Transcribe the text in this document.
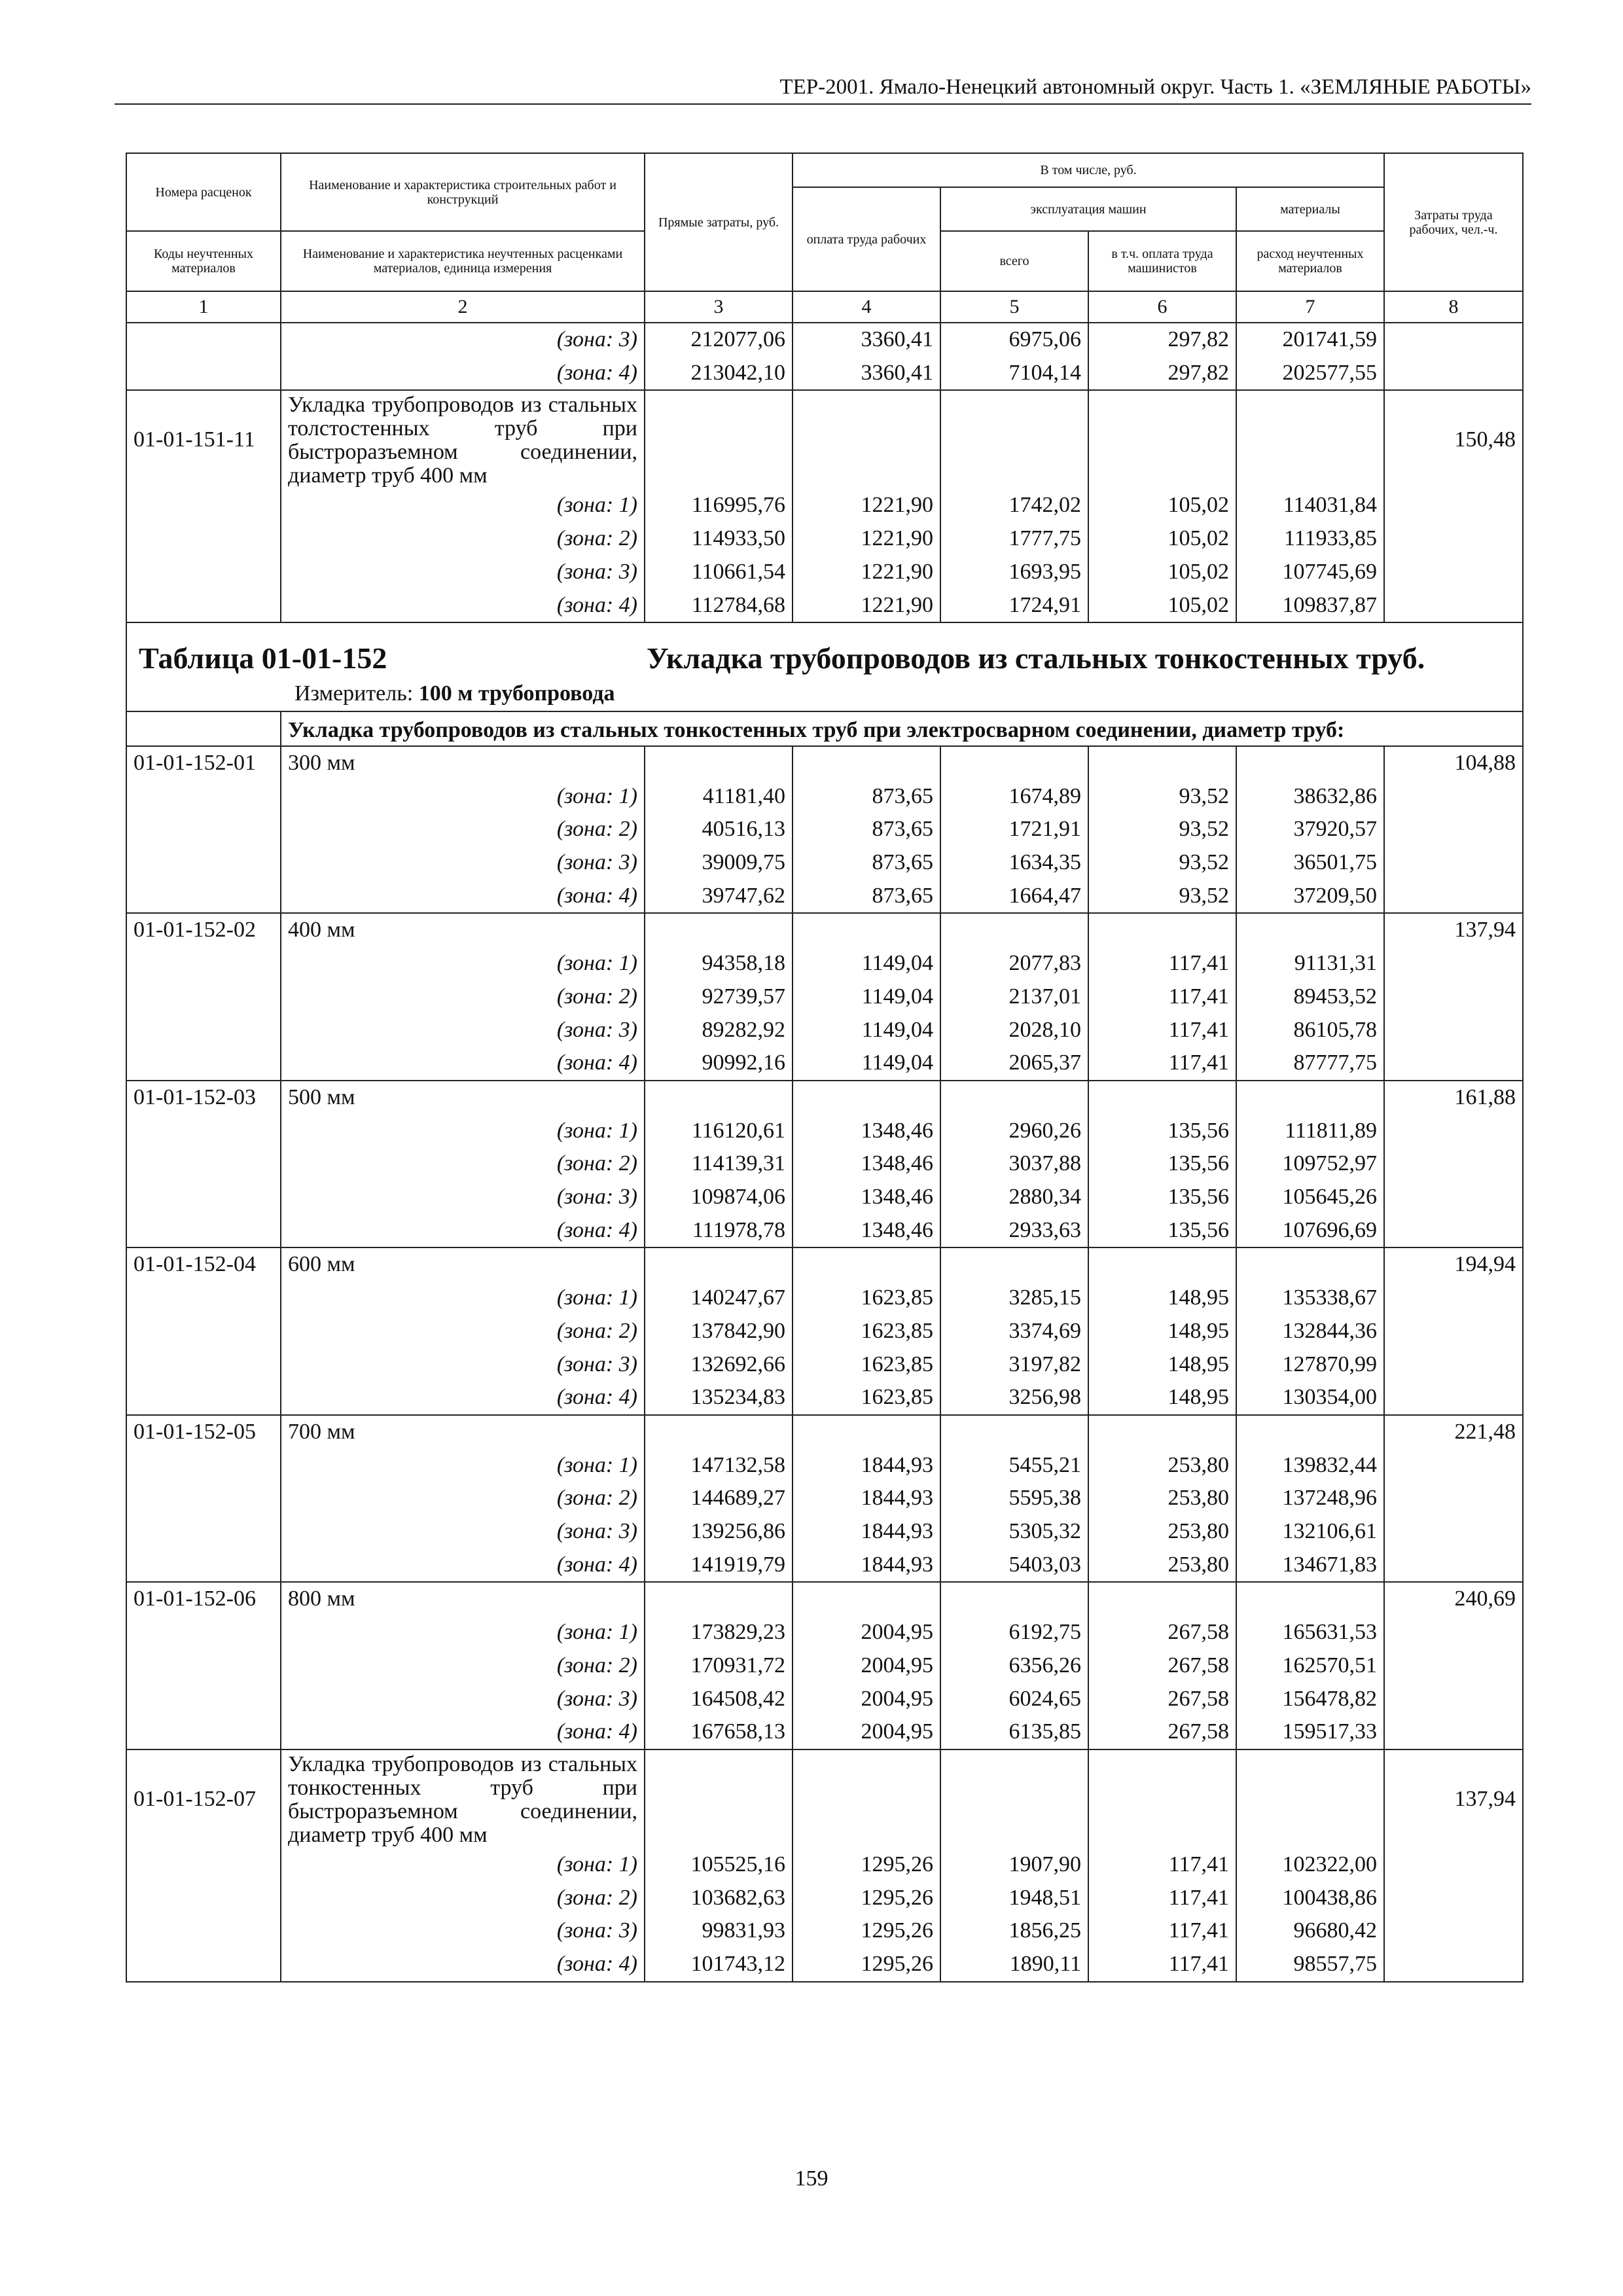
ТЕР-2001. Ямало-Ненецкий автономный округ. Часть 1. «ЗЕМЛЯНЫЕ РАБОТЫ»
Номера расценок	Наименование и характеристика строительных работ и конструкций	Прямые затраты, руб.	В том числе, руб.				Затраты труда рабочих, чел.-ч.
			оплата труда рабочих	эксплуатация машин		материалы	
Коды неучтенных материалов	Наименование и характеристика неучтенных расценками материалов, единица измерения			всего	в т.ч. оплата труда машинистов	расход неучтенных материалов	
1	2	3	4	5	6	7	8
	(зона: 3)	212077,06	3360,41	6975,06	297,82	201741,59	
	(зона: 4)	213042,10	3360,41	7104,14	297,82	202577,55	
01-01-151-11	Укладка трубопроводов из стальных толстостенных труб при быстроразъемном соединении, диаметр труб 400 мм						150,48
	(зона: 1)	116995,76	1221,90	1742,02	105,02	114031,84	
	(зона: 2)	114933,50	1221,90	1777,75	105,02	111933,85	
	(зона: 3)	110661,54	1221,90	1693,95	105,02	107745,69	
	(зона: 4)	112784,68	1221,90	1724,91	105,02	109837,87	

Таблица 01-01-152 Укладка трубопроводов из стальных тонкостенных труб.
Измеритель: 100 м трубопровода							

	Укладка трубопроводов из стальных тонкостенных труб при электросварном соединении, диаметр труб:						
01-01-152-01	300 мм						104,88
	(зона: 1)	41181,40	873,65	1674,89	93,52	38632,86	
	(зона: 2)	40516,13	873,65	1721,91	93,52	37920,57	
	(зона: 3)	39009,75	873,65	1634,35	93,52	36501,75	
	(зона: 4)	39747,62	873,65	1664,47	93,52	37209,50	
01-01-152-02	400 мм						137,94
	(зона: 1)	94358,18	1149,04	2077,83	117,41	91131,31	
	(зона: 2)	92739,57	1149,04	2137,01	117,41	89453,52	
	(зона: 3)	89282,92	1149,04	2028,10	117,41	86105,78	
	(зона: 4)	90992,16	1149,04	2065,37	117,41	87777,75	
01-01-152-03	500 мм						161,88
	(зона: 1)	116120,61	1348,46	2960,26	135,56	111811,89	
	(зона: 2)	114139,31	1348,46	3037,88	135,56	109752,97	
	(зона: 3)	109874,06	1348,46	2880,34	135,56	105645,26	
	(зона: 4)	111978,78	1348,46	2933,63	135,56	107696,69	
01-01-152-04	600 мм						194,94
	(зона: 1)	140247,67	1623,85	3285,15	148,95	135338,67	
	(зона: 2)	137842,90	1623,85	3374,69	148,95	132844,36	
	(зона: 3)	132692,66	1623,85	3197,82	148,95	127870,99	
	(зона: 4)	135234,83	1623,85	3256,98	148,95	130354,00	
01-01-152-05	700 мм						221,48
	(зона: 1)	147132,58	1844,93	5455,21	253,80	139832,44	
	(зона: 2)	144689,27	1844,93	5595,38	253,80	137248,96	
	(зона: 3)	139256,86	1844,93	5305,32	253,80	132106,61	
	(зона: 4)	141919,79	1844,93	5403,03	253,80	134671,83	
01-01-152-06	800 мм						240,69
	(зона: 1)	173829,23	2004,95	6192,75	267,58	165631,53	
	(зона: 2)	170931,72	2004,95	6356,26	267,58	162570,51	
	(зона: 3)	164508,42	2004,95	6024,65	267,58	156478,82	
	(зона: 4)	167658,13	2004,95	6135,85	267,58	159517,33	
01-01-152-07	Укладка трубопроводов из стальных тонкостенных труб при быстроразъемном соединении, диаметр труб 400 мм						137,94
	(зона: 1)	105525,16	1295,26	1907,90	117,41	102322,00	
	(зона: 2)	103682,63	1295,26	1948,51	117,41	100438,86	
	(зона: 3)	99831,93	1295,26	1856,25	117,41	96680,42	
	(зона: 4)	101743,12	1295,26	1890,11	117,41	98557,75	
159
